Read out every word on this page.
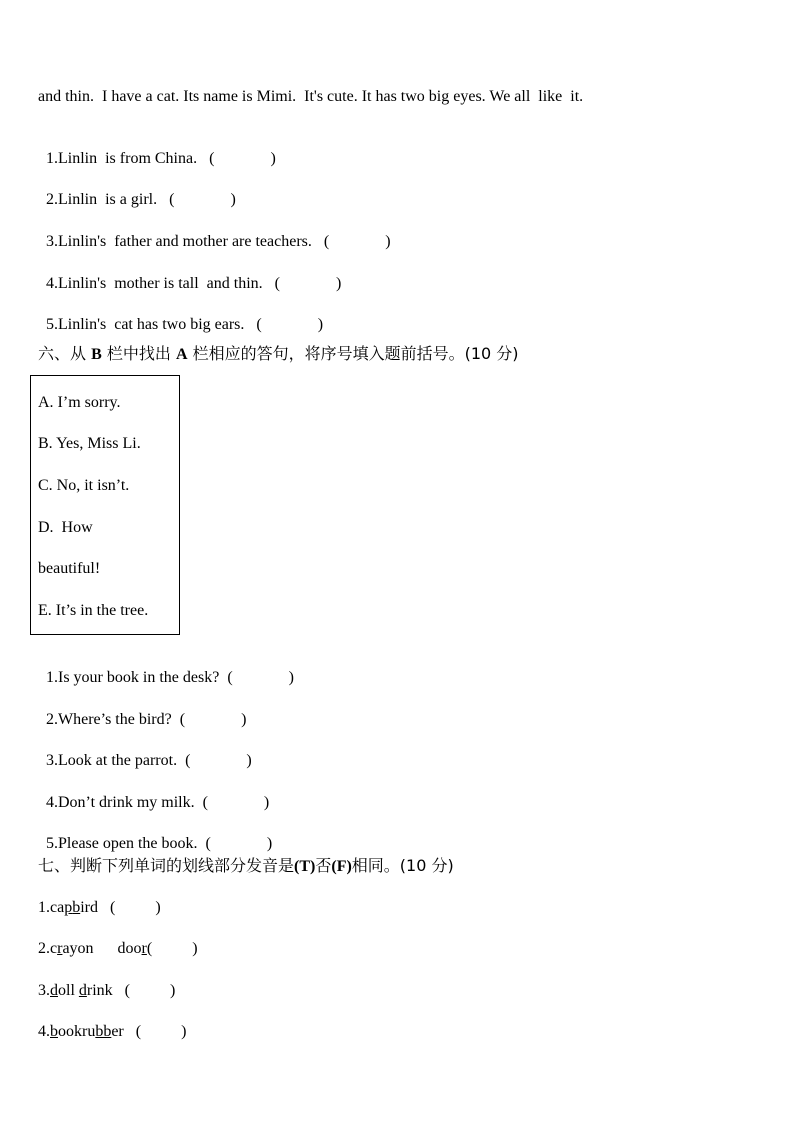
and thin.  I have a cat. Its name is Mimi.  It's cute. It has two big eyes. We all  like  it.

1.Linlin  is from China. (              )

2.Linlin  is a girl. (              )

3.Linlin's  father and mother are teachers. (              )

4.Linlin's  mother is tall  and thin. (              )

5.Linlin's  cat has two big ears. (              )

六、从 B 栏中找出 A 栏相应的答句，将序号填入题前括号。(10 分)
A. I’m sorry.
B. Yes, Miss Li.
C. No, it isn’t.
D.  How
beautiful!
E. It’s in the tree.

1.Is your book in the desk? (              )

2.Where’s the bird? (              )

3.Look at the parrot. (              )

4.Don’t drink my milk. (              )

5.Please open the book. (              )

七、判断下列单词的划线部分发音是(T)否(F)相同。(10 分)
1.capbird (          )
2.crayon      door(          )
3.doll drink (          )
4.bookrubber (          )
